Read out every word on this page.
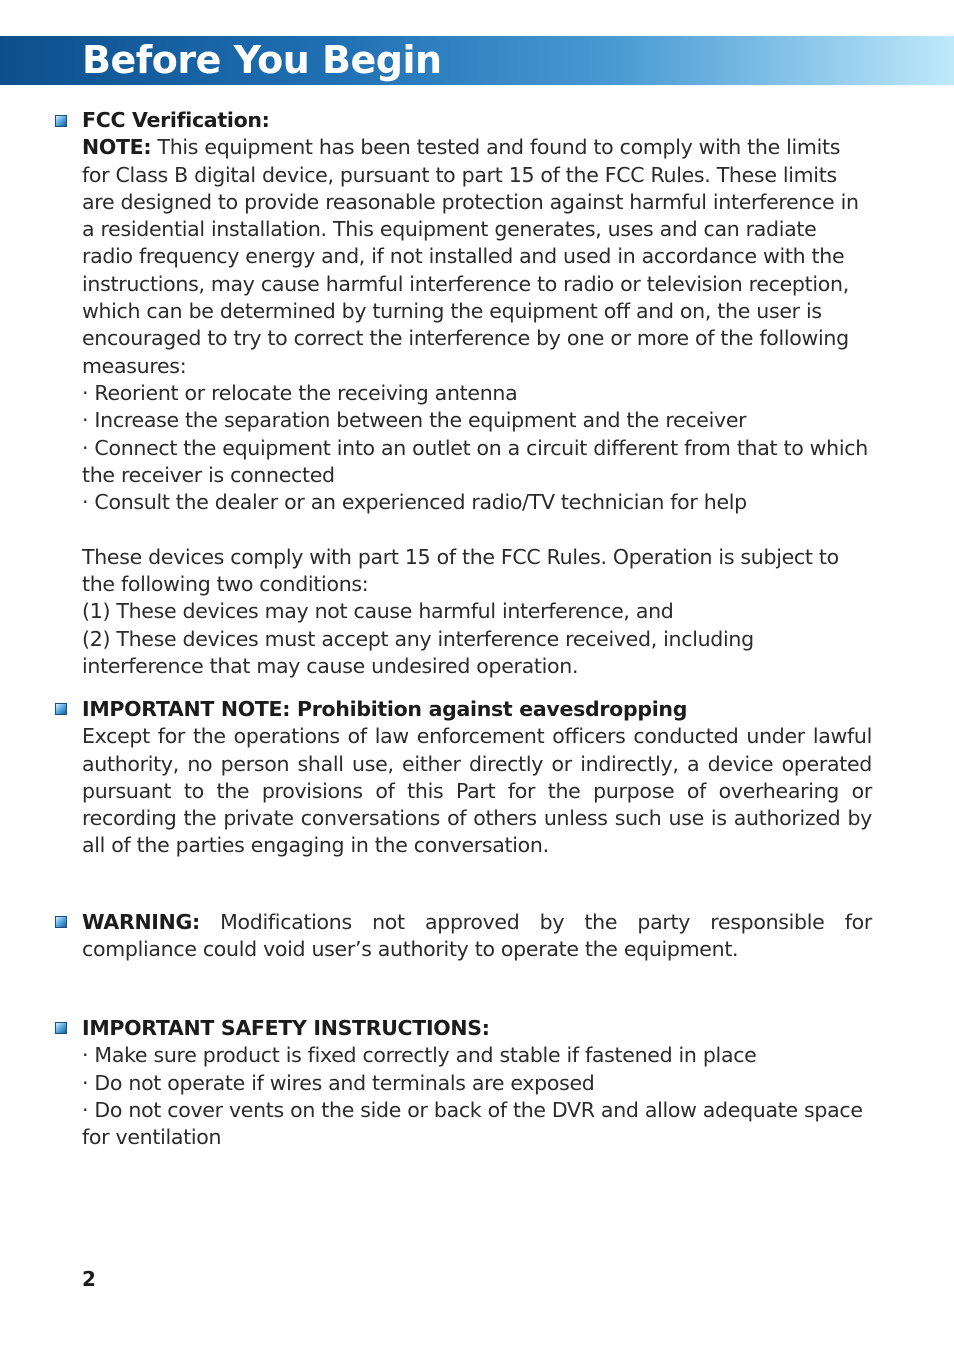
Before You Begin

FCC Verification:

NOTE: This equipment has been tested and found to comply with the limits for Class B digital device, pursuant to part 15 of the FCC Rules. These limits are designed to provide reasonable protection against harmful interference in a residential installation. This equipment generates, uses and can radiate radio frequency energy and, if not installed and used in accordance with the instructions, may cause harmful interference to radio or television reception, which can be determined by turning the equipment off and on, the user is encouraged to try to correct the interference by one or more of the following measures:

· Reorient or relocate the receiving antenna

· Increase the separation between the equipment and the receiver

· Connect the equipment into an outlet on a circuit different from that to which the receiver is connected

· Consult the dealer or an experienced radio/TV technician for help

These devices comply with part 15 of the FCC Rules. Operation is subject to the following two conditions:

(1) These devices may not cause harmful interference, and

(2) These devices must accept any interference received, including interference that may cause undesired operation.

IMPORTANT NOTE: Prohibition against eavesdropping

Except for the operations of law enforcement officers conducted under lawful authority, no person shall use, either directly or indirectly, a device operated pursuant to the provisions of this Part for the purpose of overhearing or recording the private conversations of others unless such use is authorized by all of the parties engaging in the conversation.

WARNING: Modifications not approved by the party responsible for compliance could void user’s authority to operate the equipment.

IMPORTANT SAFETY INSTRUCTIONS:

· Make sure product is fixed correctly and stable if fastened in place

· Do not operate if wires and terminals are exposed

· Do not cover vents on the side or back of the DVR and allow adequate space for ventilation

2
